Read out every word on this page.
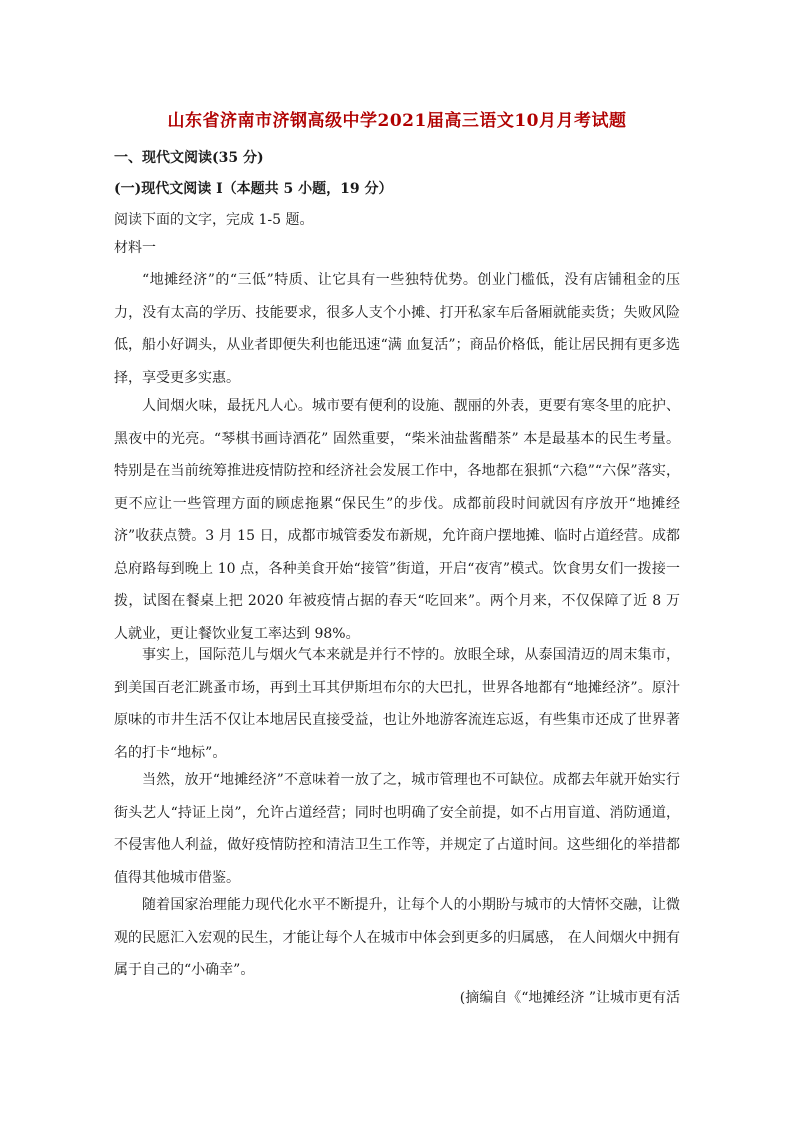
山东省济南市济钢高级中学2021届高三语文10月月考试题
一、现代文阅读(35 分)
(一)现代文阅读 I（本题共 5 小题，19 分）
阅读下面的文字，完成 1-5 题。
材料一

“地摊经济”的“三低”特质、让它具有一些独特优势。创业门槛低，没有店铺租金的压力，没有太高的学历、技能要求，很多人支个小摊、打开私家车后备厢就能卖货；失败风险低，船小好调头，从业者即便失利也能迅速“满 血复活”；商品价格低，能让居民拥有更多选择，享受更多实惠。

人间烟火味，最抚凡人心。城市要有便利的设施、靓丽的外表，更要有寒冬里的庇护、黑夜中的光亮。“琴棋书画诗酒花” 固然重要，“柴米油盐酱醋茶” 本是最基本的民生考量。特别是在当前统筹推进疫情防控和经济社会发展工作中，各地都在狠抓“六稳”“六保”落实，更不应让一些管理方面的顾虑拖累“保民生”的步伐。成都前段时间就因有序放开“地摊经济”收获点赞。3 月 15 日，成都市城管委发布新规，允许商户摆地摊、临时占道经营。成都总府路每到晚上 10 点，各种美食开始“接管”街道，开启“夜宵”模式。饮食男女们一拨接一拨，试图在餐桌上把 2020 年被疫情占据的春天“吃回来”。两个月来，不仅保障了近 8 万人就业，更让餐饮业复工率达到 98%。

事实上，国际范儿与烟火气本来就是并行不悖的。放眼全球，从泰国清迈的周末集市，到美国百老汇跳蚤市场，再到土耳其伊斯坦布尔的大巴扎，世界各地都有“地摊经济”。原汁原味的市井生活不仅让本地居民直接受益，也让外地游客流连忘返，有些集市还成了世界著名的打卡“地标”。

当然，放开“地摊经济”不意味着一放了之，城市管理也不可缺位。成都去年就开始实行街头艺人“持证上岗”，允许占道经营；同时也明确了安全前提，如不占用盲道、消防通道，不侵害他人利益，做好疫情防控和清洁卫生工作等，并规定了占道时间。这些细化的举措都值得其他城市借鉴。

随着国家治理能力现代化水平不断提升，让每个人的小期盼与城市的大情怀交融，让微观的民愿汇入宏观的民生，才能让每个人在城市中体会到更多的归属感， 在人间烟火中拥有属于自己的“小确幸”。

(摘编自《“地摊经济 ”让城市更有活
